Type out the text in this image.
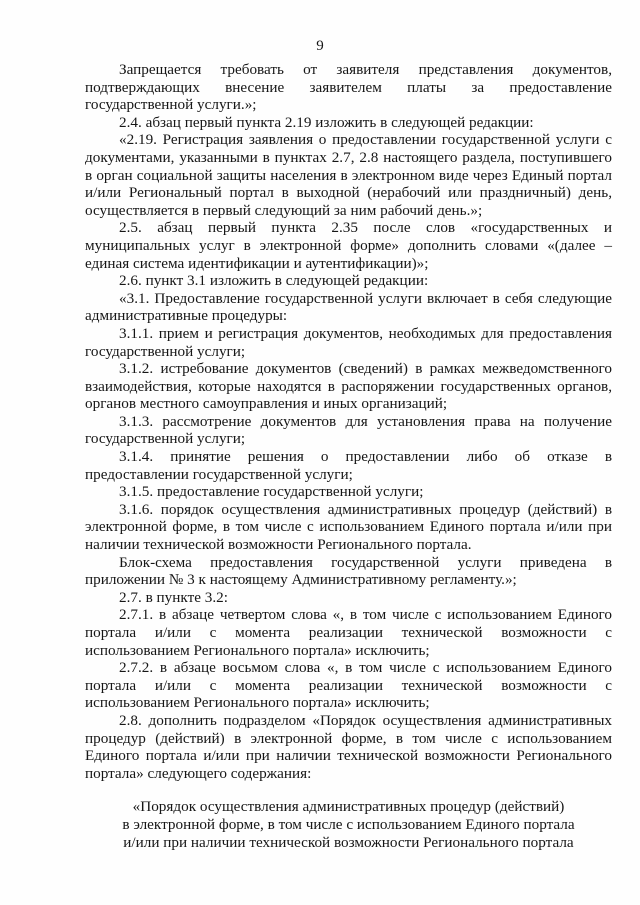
9

Запрещается требовать от заявителя представления документов, подтверждающих внесение заявителем платы за предоставление государственной услуги.»;

2.4. абзац первый пункта 2.19 изложить в следующей редакции:

«2.19. Регистрация заявления о предоставлении государственной услуги с документами, указанными в пунктах 2.7, 2.8 настоящего раздела, поступившего в орган социальной защиты населения в электронном виде через Единый портал и/или Региональный портал в выходной (нерабочий или праздничный) день, осуществляется в первый следующий за ним рабочий день.»;

2.5. абзац первый пункта 2.35 после слов «государственных и муниципальных услуг в электронной форме» дополнить словами «(далее – единая система идентификации и аутентификации)»;

2.6. пункт 3.1 изложить в следующей редакции:

«3.1. Предоставление государственной услуги включает в себя следующие административные процедуры:

3.1.1. прием и регистрация документов, необходимых для предоставления государственной услуги;

3.1.2. истребование документов (сведений) в рамках межведомственного взаимодействия, которые находятся в распоряжении государственных органов, органов местного самоуправления и иных организаций;

3.1.3. рассмотрение документов для установления права на получение государственной услуги;

3.1.4. принятие решения о предоставлении либо об отказе в предоставлении государственной услуги;

3.1.5. предоставление государственной услуги;

3.1.6. порядок осуществления административных процедур (действий) в электронной форме, в том числе с использованием Единого портала и/или при наличии технической возможности Регионального портала.

Блок-схема предоставления государственной услуги приведена в приложении № 3 к настоящему Административному регламенту.»;

2.7. в пункте 3.2:

2.7.1. в абзаце четвертом слова «, в том числе с использованием Единого портала и/или с момента реализации технической возможности с использованием Регионального портала» исключить;

2.7.2. в абзаце восьмом слова «, в том числе с использованием Единого портала и/или с момента реализации технической возможности с использованием Регионального портала» исключить;

2.8. дополнить подразделом «Порядок осуществления административных процедур (действий) в электронной форме, в том числе с использованием Единого портала и/или при наличии технической возможности Регионального портала» следующего содержания:

«Порядок осуществления административных процедур (действий)
в электронной форме, в том числе с использованием Единого портала
и/или при наличии технической возможности Регионального портала
